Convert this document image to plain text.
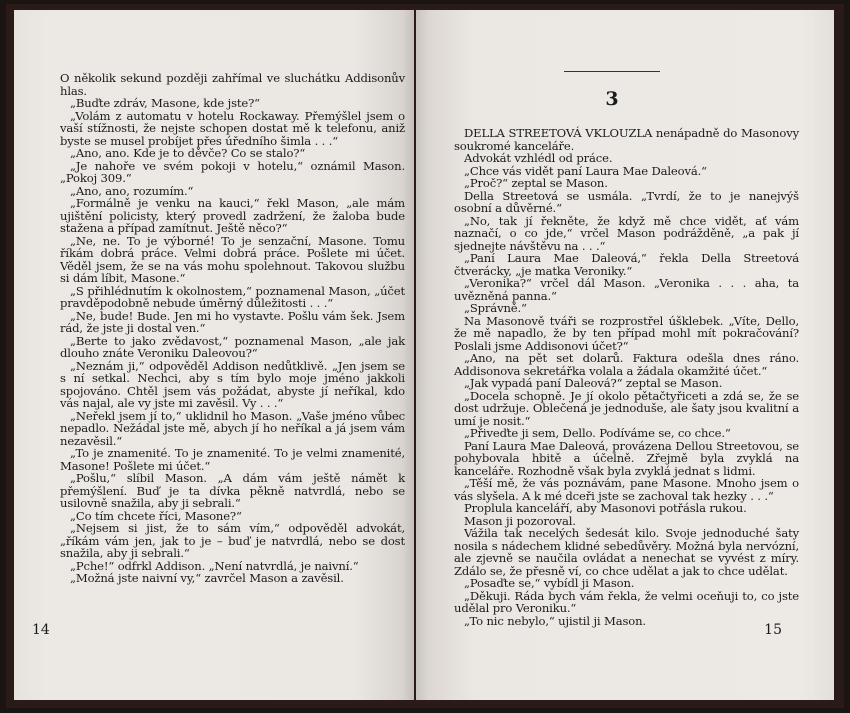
O několik sekund později zahřímal ve sluchátku Addisonův hlas.

„Buďte zdráv, Masone, kde jste?“

„Volám z automatu v hotelu Rockaway. Přemýšlel jsem o vaší stížnosti, že nejste schopen dostat mě k telefonu, aniž byste se musel probíjet přes úředního šimla . . .“

„Ano, ano. Kde je to děvče? Co se stalo?“

„Je nahoře ve svém pokoji v hotelu,“ oznámil Mason. „Pokoj 309.“

„Ano, ano, rozumím.“

„Formálně je venku na kauci,“ řekl Mason, „ale mám ujištění policisty, který provedl zadržení, že žaloba bude stažena a případ zamítnut. Ještě něco?“

„Ne, ne. To je výborné! To je senzační, Masone. Tomu říkám dobrá práce. Velmi dobrá práce. Pošlete mi účet. Věděl jsem, že se na vás mohu spolehnout. Takovou službu si dám líbit, Masone.“

„S přihlédnutím k okolnostem,“ poznamenal Mason, „účet pravděpodobně nebude úměrný důležitosti . . .“

„Ne, bude! Bude. Jen mi ho vystavte. Pošlu vám šek. Jsem rád, že jste ji dostal ven.“

„Berte to jako zvědavost,“ poznamenal Mason, „ale jak dlouho znáte Veroniku Daleovou?“

„Neznám ji,“ odpověděl Addison nedůtklivě. „Jen jsem se s ní setkal. Nechci, aby s tím bylo moje jméno jakkoli spojováno. Chtěl jsem vás požádat, abyste jí neříkal, kdo vás najal, ale vy jste mi zavěsil. Vy . . .“

„Neřekl jsem jí to,“ uklidnil ho Mason. „Vaše jméno vůbec nepadlo. Nežádal jste mě, abych jí ho neříkal a já jsem vám nezavěsil.“

„To je znamenité. To je znamenité. To je velmi znamenité, Masone! Pošlete mi účet.“

„Pošlu,“ slíbil Mason. „A dám vám ještě námět k přemýšlení. Buď je ta dívka pěkně natvrdlá, nebo se usilovně snažila, aby ji sebrali.“

„Co tím chcete říci, Masone?“

„Nejsem si jist, že to sám vím,“ odpověděl advokát, „říkám vám jen, jak to je – buď je natvrdlá, nebo se dost snažila, aby ji sebrali.“

„Pche!“ odfrkl Addison. „Není natvrdlá, je naivní.“

„Možná jste naivní vy,“ zavrčel Mason a zavěsil.

14
3

DELLA STREETOVÁ VKLOUZLA nenápadně do Masonovy soukromé kanceláře.

Advokát vzhlédl od práce.

„Chce vás vidět paní Laura Mae Daleová.“

„Proč?“ zeptal se Mason.

Della Streetová se usmála. „Tvrdí, že to je nanejvýš osobní a důvěrné.“

„No, tak jí řekněte, že když mě chce vidět, ať vám naznačí, o co jde,“ vrčel Mason podrážděně, „a pak jí sjednejte návštěvu na . . .“

„Paní Laura Mae Daleová,“ řekla Della Streetová čtverácky, „je matka Veroniky.“

„Veronika?“ vrčel dál Mason. „Veronika . . . aha, ta uvězněná panna.“

„Správně.“

Na Masonově tváři se rozprostřel úšklebek. „Víte, Dello, že mě napadlo, že by ten případ mohl mít pokračování? Poslali jsme Addisonovi účet?“

„Ano, na pět set dolarů. Faktura odešla dnes ráno. Addisonova sekretářka volala a žádala okamžité účet.“

„Jak vypadá paní Daleová?“ zeptal se Mason.

„Docela schopně. Je jí okolo pětačtyřiceti a zdá se, že se dost udržuje. Oblečená je jednoduše, ale šaty jsou kvalitní a umí je nosit.“

„Přiveďte ji sem, Dello. Podíváme se, co chce.“

Paní Laura Mae Daleová, provázena Dellou Streetovou, se pohybovala hbitě a účelně. Zřejmě byla zvyklá na kanceláře. Rozhodně však byla zvyklá jednat s lidmi.

„Těší mě, že vás poznávám, pane Masone. Mnoho jsem o vás slyšela. A k mé dceři jste se zachoval tak hezky . . .“

Proplula kanceláří, aby Masonovi potřásla rukou.

Mason ji pozoroval.

Vážila tak necelých šedesát kilo. Svoje jednoduché šaty nosila s nádechem klidné sebedůvěry. Možná byla nervózní, ale zjevně se naučila ovládat a nenechat se vyvést z míry. Zdálo se, že přesně ví, co chce udělat a jak to chce udělat.

„Posaďte se,“ vybídl ji Mason.

„Děkuji. Ráda bych vám řekla, že velmi oceňuji to, co jste udělal pro Veroniku.“

„To nic nebylo,“ ujistil ji Mason.

15
